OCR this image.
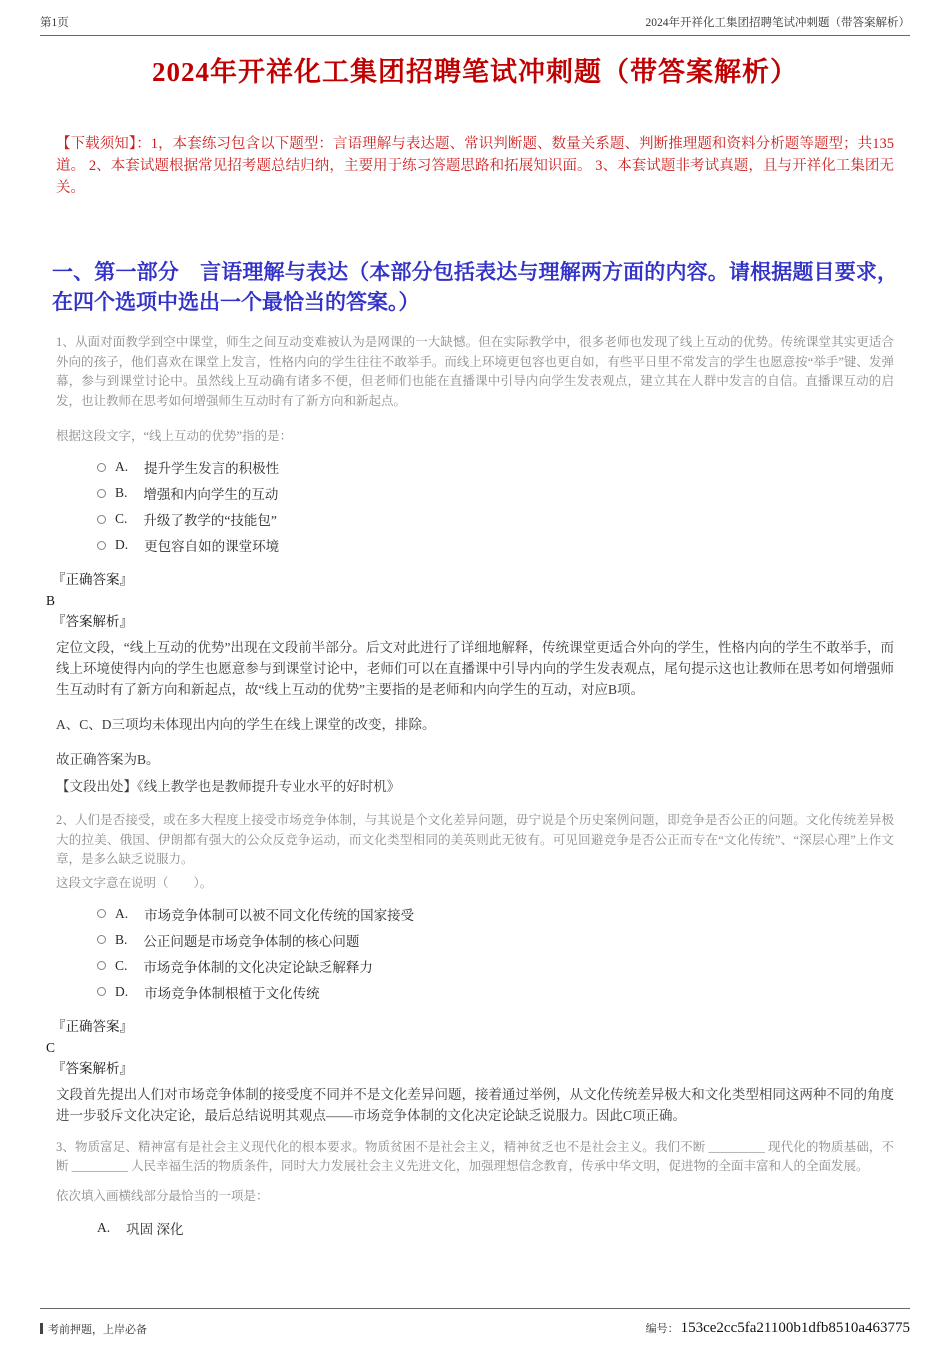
第1页	2024年开祥化工集团招聘笔试冲刺题（带答案解析）
2024年开祥化工集团招聘笔试冲刺题（带答案解析）

【下载须知】：1，本套练习包含以下题型：言语理解与表达题、常识判断题、数量关系题、判断推理题和资料分析题等题型；共135道。 2、本套试题根据常见招考题总结归纳，主要用于练习答题思路和拓展知识面。 3、本套试题非考试真题，且与开祥化工集团无关。

一、第一部分　言语理解与表达（本部分包括表达与理解两方面的内容。请根据题目要求，在四个选项中选出一个最恰当的答案。）

1、从面对面教学到空中课堂，师生之间互动变难被认为是网课的一大缺憾。但在实际教学中，很多老师也发现了线上互动的优势。传统课堂其实更适合外向的孩子，他们喜欢在课堂上发言，性格内向的学生往往不敢举手。而线上环境更包容也更自如，有些平日里不常发言的学生也愿意按“举手”键、发弹幕，参与到课堂讨论中。虽然线上互动确有诸多不便，但老师们也能在直播课中引导内向学生发表观点，建立其在人群中发言的自信。直播课互动的启发，也让教师在思考如何增强师生互动时有了新方向和新起点。

根据这段文字，“线上互动的优势”指的是：

A. 提升学生发言的积极性
B. 增强和内向学生的互动
C. 升级了教学的“技能包”
D. 更包容自如的课堂环境

『正确答案』

B

『答案解析』

定位文段，“线上互动的优势”出现在文段前半部分。后文对此进行了详细地解释，传统课堂更适合外向的学生，性格内向的学生不敢举手，而线上环境使得内向的学生也愿意参与到课堂讨论中，老师们可以在直播课中引导内向的学生发表观点，尾句提示这也让教师在思考如何增强师生互动时有了新方向和新起点，故“线上互动的优势”主要指的是老师和内向学生的互动，对应B项。

A、C、D三项均未体现出内向的学生在线上课堂的改变，排除。

故正确答案为B。

【文段出处】《线上教学也是教师提升专业水平的好时机》

2、人们是否接受，或在多大程度上接受市场竞争体制，与其说是个文化差异问题，毋宁说是个历史案例问题，即竞争是否公正的问题。文化传统差异极大的拉美、俄国、伊朗都有强大的公众反竞争运动，而文化类型相同的美英则此无彼有。可见回避竞争是否公正而专在“文化传统”、“深层心理”上作文章，是多么缺乏说服力。

这段文字意在说明（　　）。

A. 市场竞争体制可以被不同文化传统的国家接受
B. 公正问题是市场竞争体制的核心问题
C. 市场竞争体制的文化决定论缺乏解释力
D. 市场竞争体制根植于文化传统

『正确答案』

C

『答案解析』

文段首先提出人们对市场竞争体制的接受度不同并不是文化差异问题，接着通过举例，从文化传统差异极大和文化类型相同这两种不同的角度进一步驳斥文化决定论，最后总结说明其观点——市场竞争体制的文化决定论缺乏说服力。因此C项正确。

3、物质富足、精神富有是社会主义现代化的根本要求。物质贫困不是社会主义，精神贫乏也不是社会主义。我们不断 _________ 现代化的物质基础，不断 _________ 人民幸福生活的物质条件，同时大力发展社会主义先进文化，加强理想信念教育，传承中华文明，促进物的全面丰富和人的全面发展。

依次填入画横线部分最恰当的一项是：

A. 巩固 深化
考前押题，上岸必备	编号： 153ce2cc5fa21100b1dfb8510a463775
